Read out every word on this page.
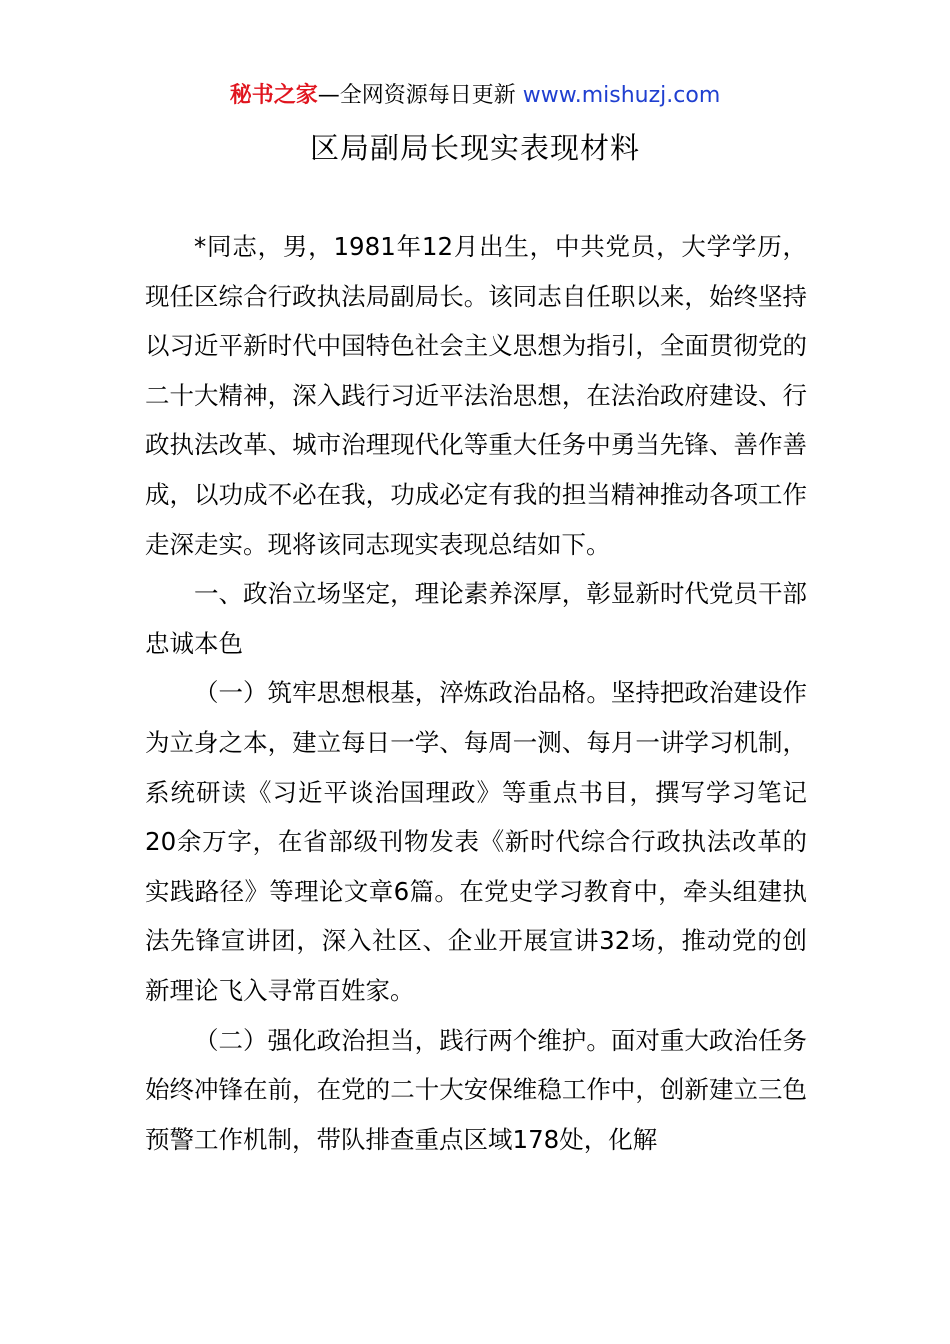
秘书之家—全网资源每日更新 www.mishuzj.com
区局副局长现实表现材料

*同志，男，1981年12月出生，中共党员，大学学历，现任区综合行政执法局副局长。该同志自任职以来，始终坚持以习近平新时代中国特色社会主义思想为指引，全面贯彻党的二十大精神，深入践行习近平法治思想，在法治政府建设、行政执法改革、城市治理现代化等重大任务中勇当先锋、善作善成，以功成不必在我，功成必定有我的担当精神推动各项工作走深走实。现将该同志现实表现总结如下。

一、政治立场坚定，理论素养深厚，彰显新时代党员干部忠诚本色

（一）筑牢思想根基，淬炼政治品格。坚持把政治建设作为立身之本，建立每日一学、每周一测、每月一讲学习机制，系统研读《习近平谈治国理政》等重点书目，撰写学习笔记20余万字，在省部级刊物发表《新时代综合行政执法改革的实践路径》等理论文章6篇。在党史学习教育中，牵头组建执法先锋宣讲团，深入社区、企业开展宣讲32场，推动党的创新理论飞入寻常百姓家。

（二）强化政治担当，践行两个维护。面对重大政治任务始终冲锋在前，在党的二十大安保维稳工作中，创新建立三色预警工作机制，带队排查重点区域178处，化解
